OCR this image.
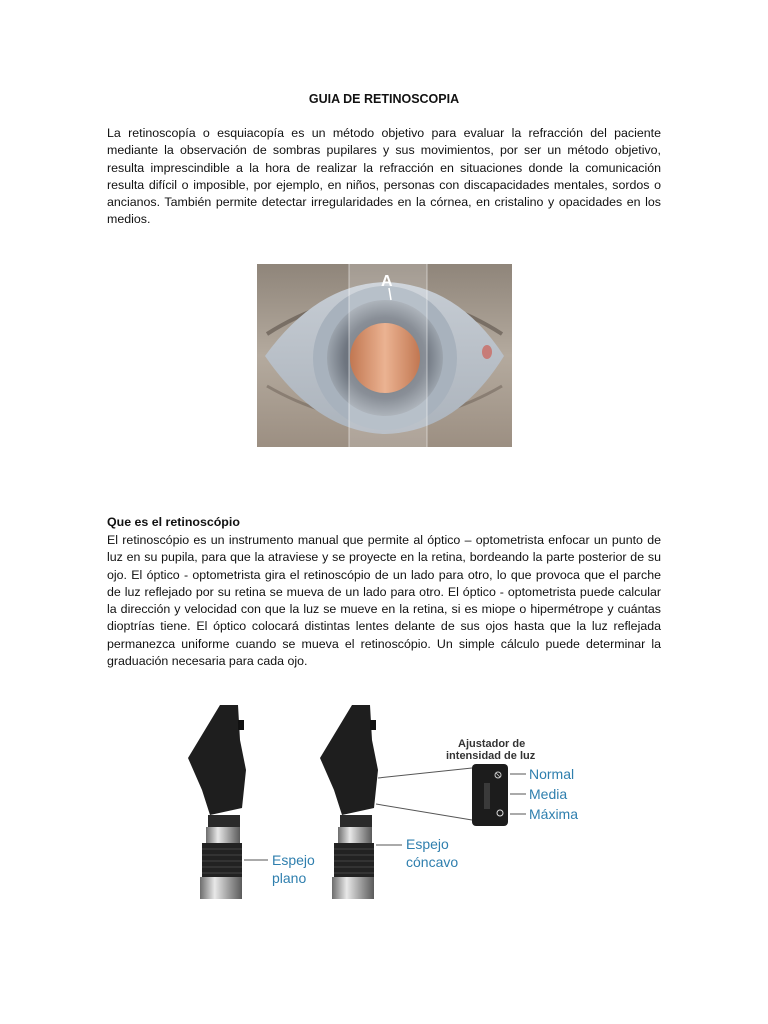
GUIA DE RETINOSCOPIA

La retinoscopía o esquiacopía es un método objetivo para evaluar la refracción del paciente mediante la observación de sombras pupilares y sus movimientos, por ser un método objetivo, resulta imprescindible a la hora de realizar la refracción en situaciones donde la comunicación resulta difícil o imposible, por ejemplo, en niños, personas con discapacidades mentales, sordos o ancianos. También permite detectar irregularidades en la córnea, en cristalino y opacidades en los medios.

A
Que es el retinoscópio

El retinoscópio es un instrumento manual que permite al óptico – optometrista enfocar un punto de luz en su pupila, para que la atraviese y se proyecte en la retina, bordeando la parte posterior de su ojo. El óptico - optometrista gira el retinoscópio de un lado para otro, lo que provoca que el parche de luz reflejado por su retina se mueva de un lado para otro. El óptico - optometrista puede calcular la dirección y velocidad con que la luz se mueve en la retina, si es miope o hipermétrope y cuántas dioptrías tiene. El óptico colocará distintas lentes delante de sus ojos hasta que la luz reflejada permanezca uniforme cuando se mueva el retinoscópio. Un simple cálculo puede determinar la graduación necesaria para cada ojo.

Ajustador de
intensidad de luz
Normal
Media
Máxima
Espejo
plano
Espejo
cóncavo
